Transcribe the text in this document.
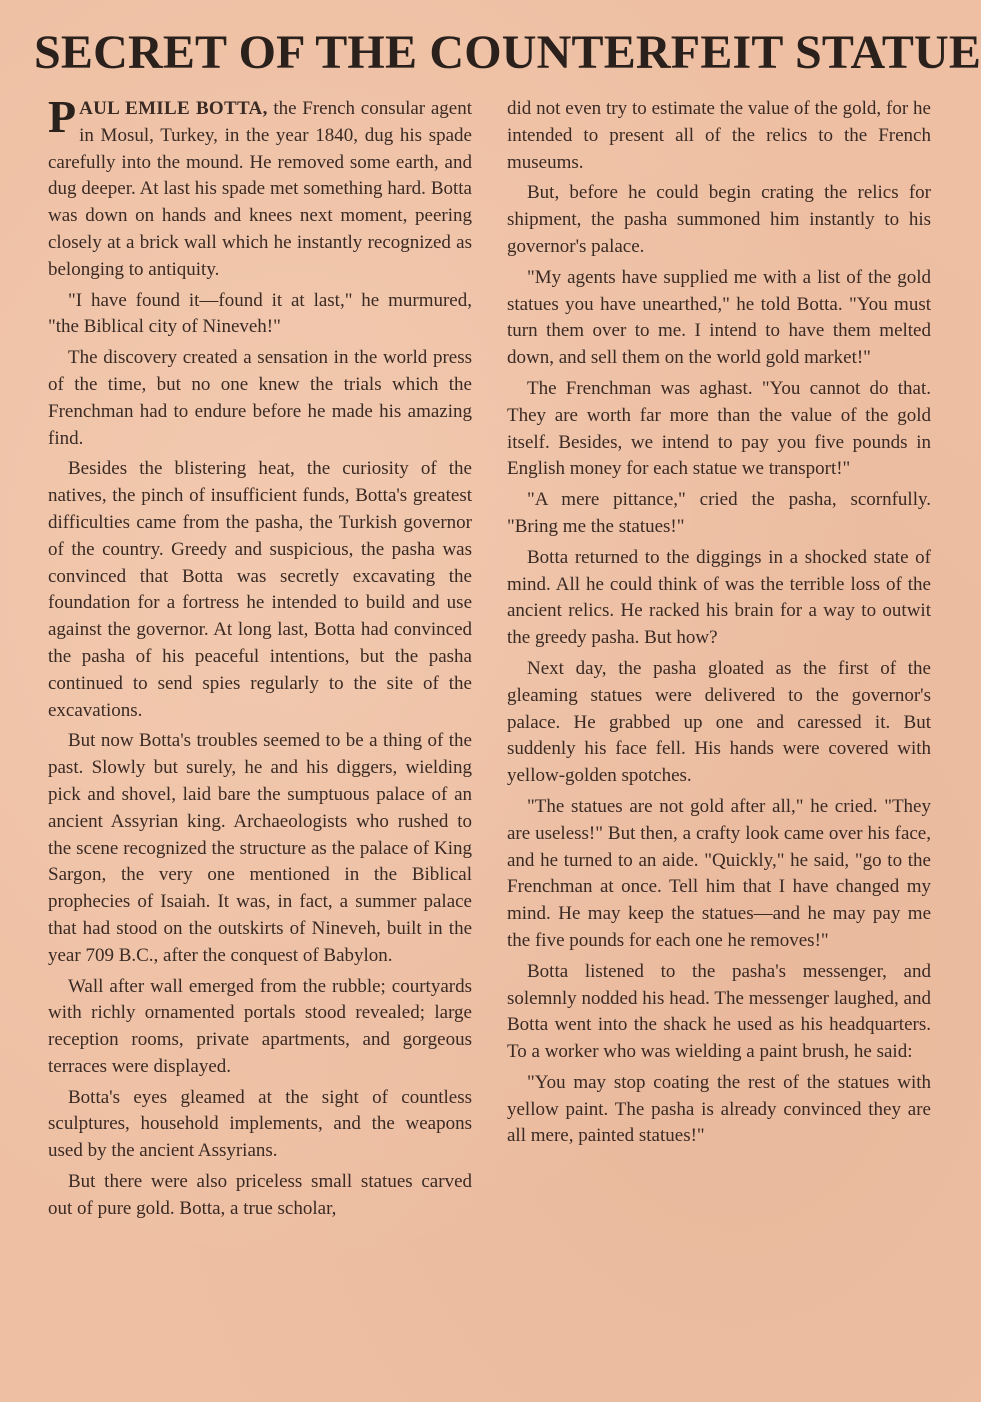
SECRET OF THE COUNTERFEIT STATUE

PAUL EMILE BOTTA, the French consular agent in Mosul, Turkey, in the year 1840, dug his spade carefully into the mound. He removed some earth, and dug deeper. At last his spade met something hard. Botta was down on hands and knees next moment, peering closely at a brick wall which he instantly recognized as belonging to antiquity.

"I have found it—found it at last," he murmured, "the Biblical city of Nineveh!"

The discovery created a sensation in the world press of the time, but no one knew the trials which the Frenchman had to endure before he made his amazing find.

Besides the blistering heat, the curiosity of the natives, the pinch of insufficient funds, Botta's greatest difficulties came from the pasha, the Turkish governor of the country. Greedy and suspicious, the pasha was convinced that Botta was secretly excavating the foundation for a fortress he intended to build and use against the governor. At long last, Botta had convinced the pasha of his peaceful intentions, but the pasha continued to send spies regularly to the site of the excavations.

But now Botta's troubles seemed to be a thing of the past. Slowly but surely, he and his diggers, wielding pick and shovel, laid bare the sumptuous palace of an ancient Assyrian king. Archaeologists who rushed to the scene recognized the structure as the palace of King Sargon, the very one mentioned in the Biblical prophecies of Isaiah. It was, in fact, a summer palace that had stood on the outskirts of Nineveh, built in the year 709 B.C., after the conquest of Babylon.

Wall after wall emerged from the rubble; courtyards with richly ornamented portals stood revealed; large reception rooms, private apartments, and gorgeous terraces were displayed.

Botta's eyes gleamed at the sight of countless sculptures, household implements, and the weapons used by the ancient Assyrians.

But there were also priceless small statues carved out of pure gold. Botta, a true scholar,

did not even try to estimate the value of the gold, for he intended to present all of the relics to the French museums.

But, before he could begin crating the relics for shipment, the pasha summoned him instantly to his governor's palace.

"My agents have supplied me with a list of the gold statues you have unearthed," he told Botta. "You must turn them over to me. I intend to have them melted down, and sell them on the world gold market!"

The Frenchman was aghast. "You cannot do that. They are worth far more than the value of the gold itself. Besides, we intend to pay you five pounds in English money for each statue we transport!"

"A mere pittance," cried the pasha, scornfully. "Bring me the statues!"

Botta returned to the diggings in a shocked state of mind. All he could think of was the terrible loss of the ancient relics. He racked his brain for a way to outwit the greedy pasha. But how?

Next day, the pasha gloated as the first of the gleaming statues were delivered to the governor's palace. He grabbed up one and caressed it. But suddenly his face fell. His hands were covered with yellow-golden spotches.

"The statues are not gold after all," he cried. "They are useless!" But then, a crafty look came over his face, and he turned to an aide. "Quickly," he said, "go to the Frenchman at once. Tell him that I have changed my mind. He may keep the statues—and he may pay me the five pounds for each one he removes!"

Botta listened to the pasha's messenger, and solemnly nodded his head. The messenger laughed, and Botta went into the shack he used as his headquarters. To a worker who was wielding a paint brush, he said:

"You may stop coating the rest of the statues with yellow paint. The pasha is already convinced they are all mere, painted statues!"
